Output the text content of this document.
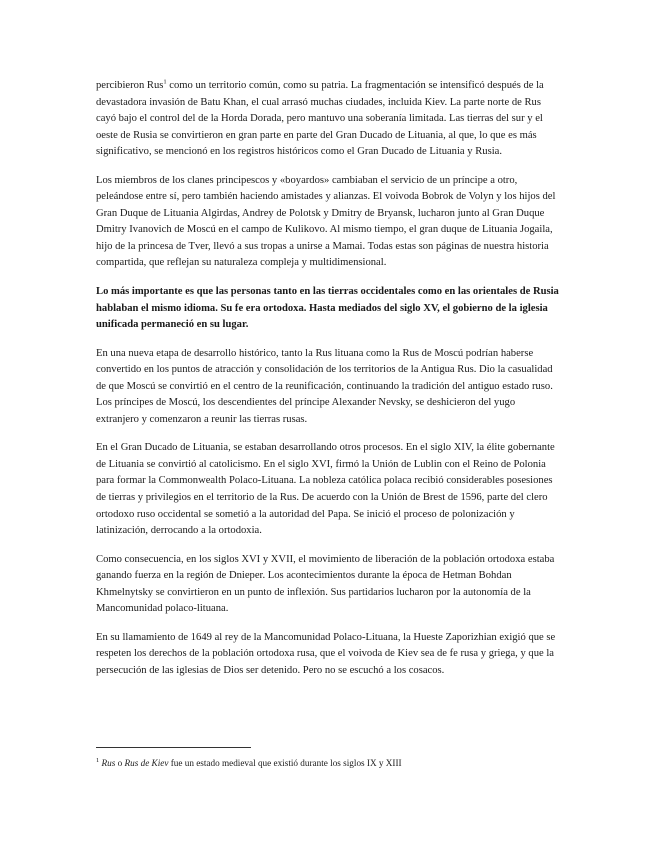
percibieron Rus$^1$ como un territorio común, como su patria. La fragmentación se intensificó después de la devastadora invasión de Batu Khan, el cual arrasó muchas ciudades, incluida Kiev. La parte norte de Rus cayó bajo el control del de la Horda Dorada, pero mantuvo una soberanía limitada. Las tierras del sur y el oeste de Rusia se convirtieron en gran parte en parte del Gran Ducado de Lituania, al que, lo que es más significativo, se mencionó en los registros históricos como el Gran Ducado de Lituania y Rusia.

Los miembros de los clanes principescos y «boyardos» cambiaban el servicio de un príncipe a otro, peleándose entre sí, pero también haciendo amistades y alianzas. El voivoda Bobrok de Volyn y los hijos del Gran Duque de Lituania Algirdas, Andrey de Polotsk y Dmitry de Bryansk, lucharon junto al Gran Duque Dmitry Ivanovich de Moscú en el campo de Kulikovo. Al mismo tiempo, el gran duque de Lituania Jogaila, hijo de la princesa de Tver, llevó a sus tropas a unirse a Mamai. Todas estas son páginas de nuestra historia compartida, que reflejan su naturaleza compleja y multidimensional.

Lo más importante es que las personas tanto en las tierras occidentales como en las orientales de Rusia hablaban el mismo idioma. Su fe era ortodoxa. Hasta mediados del siglo XV, el gobierno de la iglesia unificada permaneció en su lugar.

En una nueva etapa de desarrollo histórico, tanto la Rus lituana como la Rus de Moscú podrían haberse convertido en los puntos de atracción y consolidación de los territorios de la Antigua Rus. Dio la casualidad de que Moscú se convirtió en el centro de la reunificación, continuando la tradición del antiguo estado ruso. Los príncipes de Moscú, los descendientes del príncipe Alexander Nevsky, se deshicieron del yugo extranjero y comenzaron a reunir las tierras rusas.

En el Gran Ducado de Lituania, se estaban desarrollando otros procesos. En el siglo XIV, la élite gobernante de Lituania se convirtió al catolicismo. En el siglo XVI, firmó la Unión de Lublin con el Reino de Polonia para formar la Commonwealth Polaco-Lituana. La nobleza católica polaca recibió considerables posesiones de tierras y privilegios en el territorio de la Rus. De acuerdo con la Unión de Brest de 1596, parte del clero ortodoxo ruso occidental se sometió a la autoridad del Papa. Se inició el proceso de polonización y latinización, derrocando a la ortodoxia.

Como consecuencia, en los siglos XVI y XVII, el movimiento de liberación de la población ortodoxa estaba ganando fuerza en la región de Dnieper. Los acontecimientos durante la época de Hetman Bohdan Khmelnytsky se convirtieron en un punto de inflexión. Sus partidarios lucharon por la autonomía de la Mancomunidad polaco-lituana.

En su llamamiento de 1649 al rey de la Mancomunidad Polaco-Lituana, la Hueste Zaporizhian exigió que se respeten los derechos de la población ortodoxa rusa, que el voivoda de Kiev sea de fe rusa y griega, y que la persecución de las iglesias de Dios ser detenido. Pero no se escuchó a los cosacos.

$^1$ Rus o Rus de Kiev fue un estado medieval que existió durante los siglos IX y XIII
